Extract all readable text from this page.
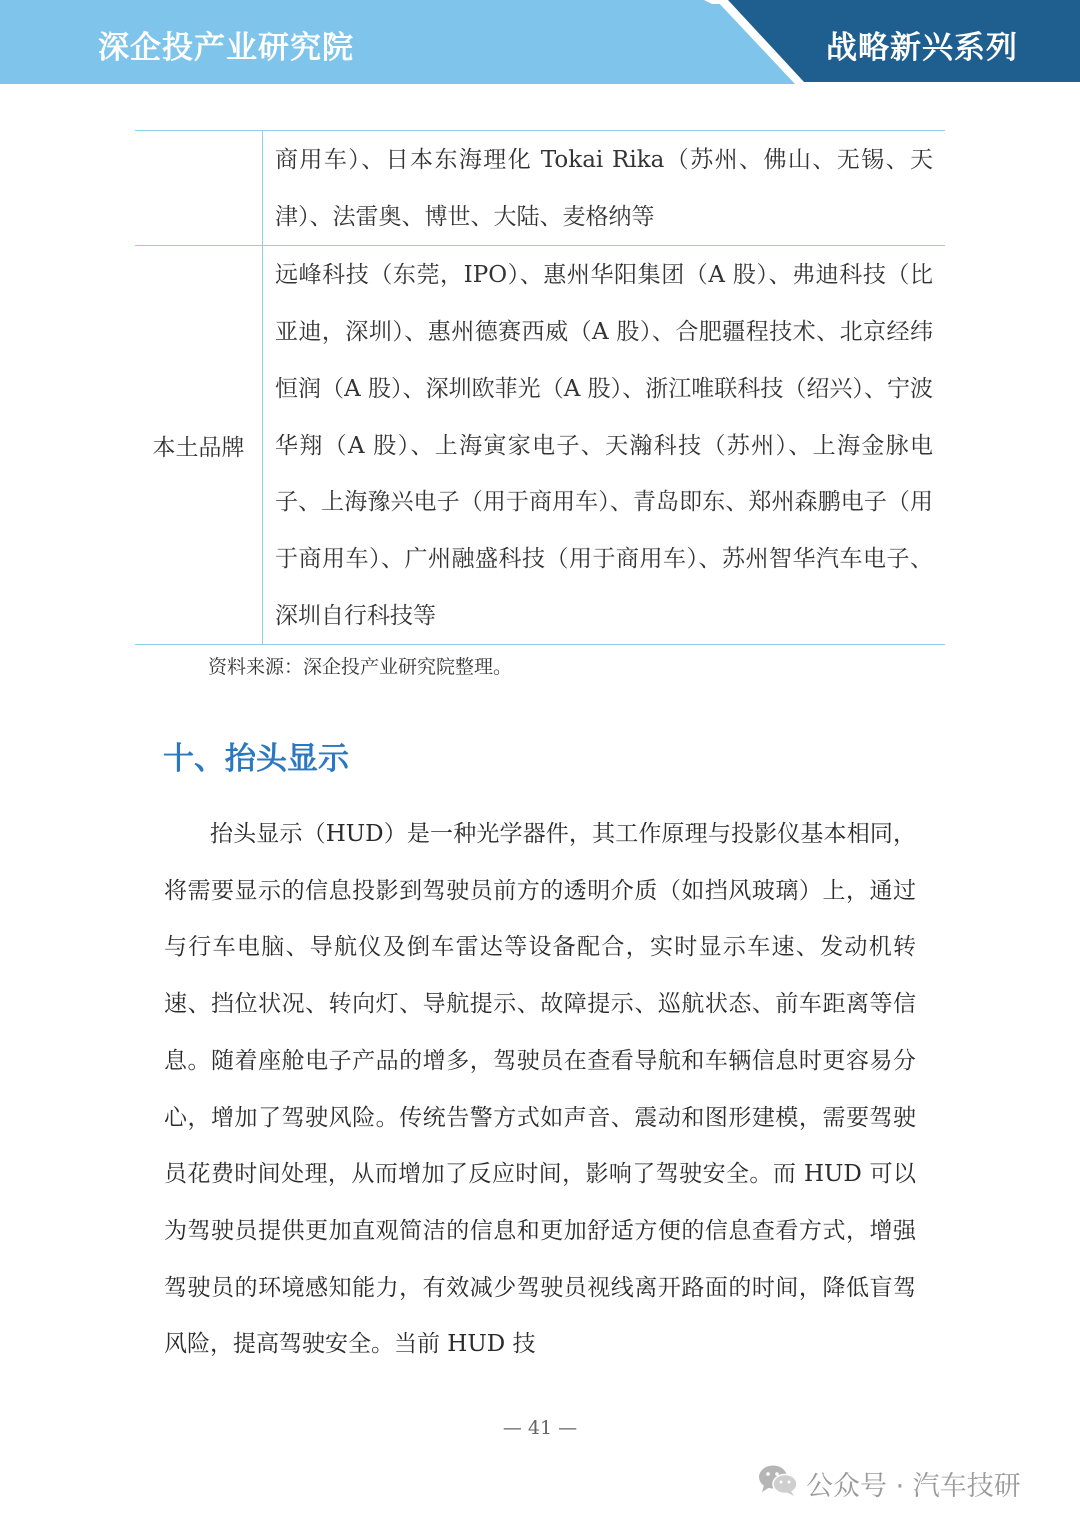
深企投产业研究院	战略新兴系列
商用车）、日本东海理化 Tokai Rika（苏州、佛山、无锡、天津）、法雷奥、博世、大陆、麦格纳等
本土品牌
远峰科技（东莞，IPO）、惠州华阳集团（A 股）、弗迪科技（比亚迪，深圳）、惠州德赛西威（A 股）、合肥疆程技术、北京经纬恒润（A 股）、深圳欧菲光（A 股）、浙江唯联科技（绍兴）、宁波华翔（A 股）、上海寅家电子、天瀚科技（苏州）、上海金脉电子、上海豫兴电子（用于商用车）、青岛即东、郑州森鹏电子（用于商用车）、广州融盛科技（用于商用车）、苏州智华汽车电子、深圳自行科技等
资料来源：深企投产业研究院整理。
十、抬头显示

抬头显示（HUD）是一种光学器件，其工作原理与投影仪基本相同，将需要显示的信息投影到驾驶员前方的透明介质（如挡风玻璃）上，通过与行车电脑、导航仪及倒车雷达等设备配合，实时显示车速、发动机转速、挡位状况、转向灯、导航提示、故障提示、巡航状态、前车距离等信息。随着座舱电子产品的增多，驾驶员在查看导航和车辆信息时更容易分心，增加了驾驶风险。传统告警方式如声音、震动和图形建模，需要驾驶员花费时间处理，从而增加了反应时间，影响了驾驶安全。而 HUD 可以为驾驶员提供更加直观简洁的信息和更加舒适方便的信息查看方式，增强驾驶员的环境感知能力，有效减少驾驶员视线离开路面的时间，降低盲驾风险，提高驾驶安全。当前 HUD 技

— 41 —
公众号 · 汽车技研
